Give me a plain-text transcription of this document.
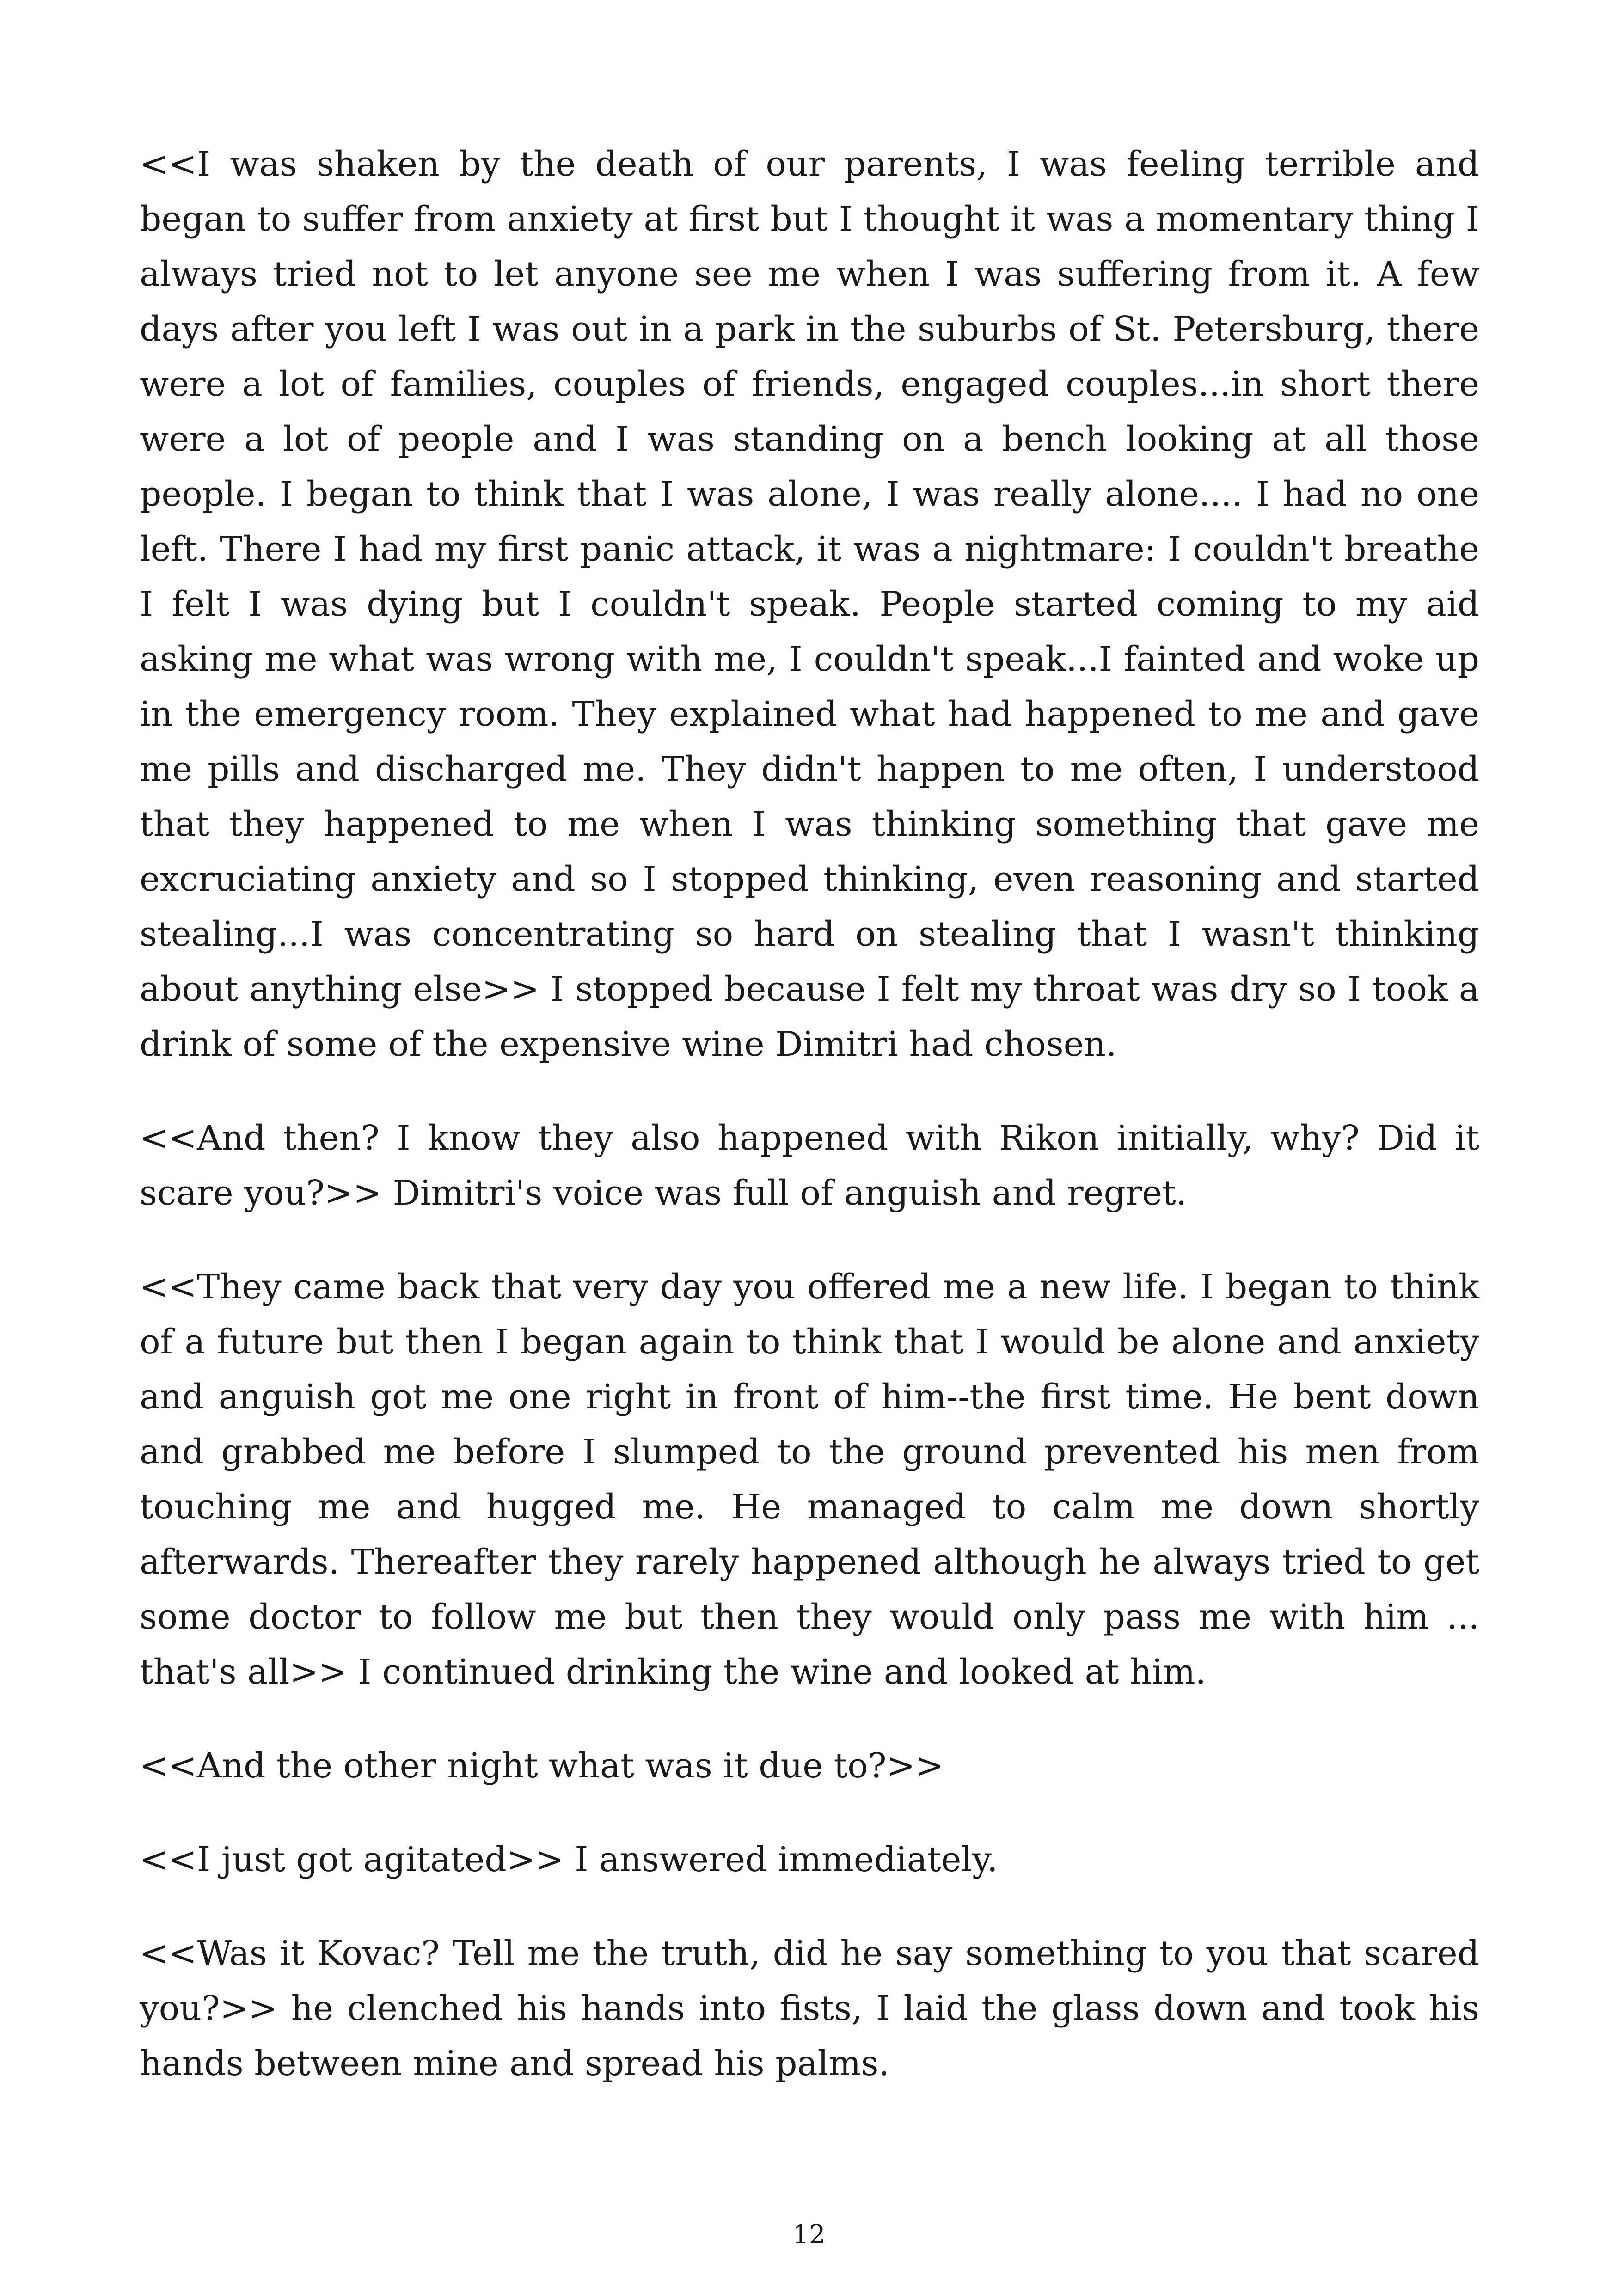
<<I was shaken by the death of our parents, I was feeling terrible and began to suffer from anxiety at first but I thought it was a momentary thing I always tried not to let anyone see me when I was suffering from it. A few days after you left I was out in a park in the suburbs of St. Petersburg, there were a lot of families, couples of friends, engaged couples...in short there were a lot of people and I was standing on a bench looking at all those people. I began to think that I was alone, I was really alone.... I had no one left. There I had my first panic attack, it was a nightmare: I couldn't breathe I felt I was dying but I couldn't speak. People started coming to my aid asking me what was wrong with me, I couldn't speak...I fainted and woke up in the emergency room. They explained what had happened to me and gave me pills and discharged me. They didn't happen to me often, I understood that they happened to me when I was thinking something that gave me excruciating anxiety and so I stopped thinking, even reasoning and started stealing...I was concentrating so hard on stealing that I wasn't thinking about anything else>> I stopped because I felt my throat was dry so I took a drink of some of the expensive wine Dimitri had chosen.

<<And then? I know they also happened with Rikon initially, why? Did it scare you?>> Dimitri's voice was full of anguish and regret.

<<They came back that very day you offered me a new life. I began to think of a future but then I began again to think that I would be alone and anxiety and anguish got me one right in front of him--the first time. He bent down and grabbed me before I slumped to the ground prevented his men from touching me and hugged me. He managed to calm me down shortly afterwards. Thereafter they rarely happened although he always tried to get some doctor to follow me but then they would only pass me with him ... that's all>> I continued drinking the wine and looked at him.

<<And the other night what was it due to?>>

<<I just got agitated>> I answered immediately.

<<Was it Kovac? Tell me the truth, did he say something to you that scared you?>> he clenched his hands into fists, I laid the glass down and took his hands between mine and spread his palms.

12
